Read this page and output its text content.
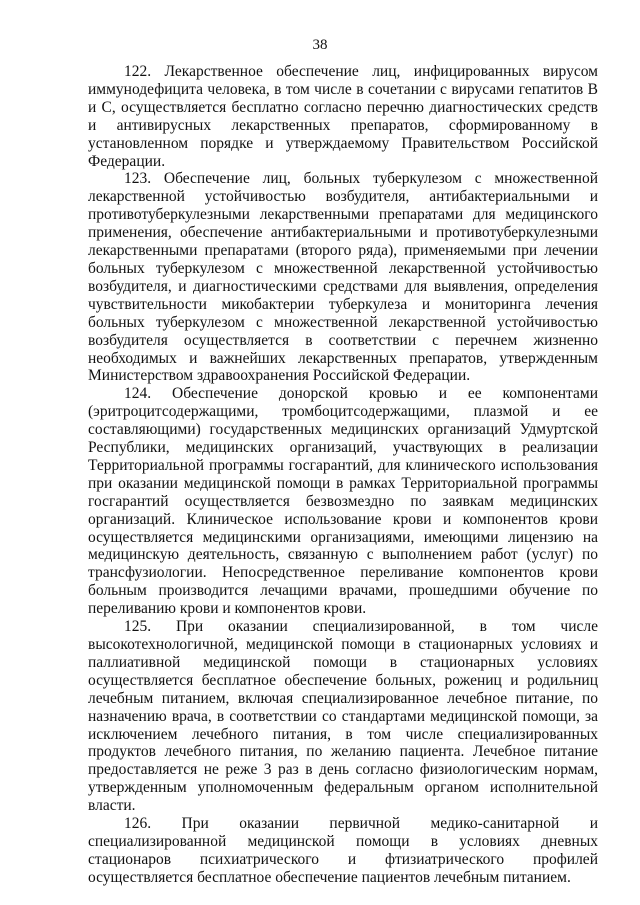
38

122. Лекарственное обеспечение лиц, инфицированных вирусом иммунодефицита человека, в том числе в сочетании с вирусами гепатитов В и С, осуществляется бесплатно согласно перечню диагностических средств и антивирусных лекарственных препаратов, сформированному в установленном порядке и утверждаемому Правительством Российской Федерации.

123. Обеспечение лиц, больных туберкулезом с множественной лекарственной устойчивостью возбудителя, антибактериальными и противотуберкулезными лекарственными препаратами для медицинского применения, обеспечение антибактериальными и противотуберкулезными лекарственными препаратами (второго ряда), применяемыми при лечении больных туберкулезом с множественной лекарственной устойчивостью возбудителя, и диагностическими средствами для выявления, определения чувствительности микобактерии туберкулеза и мониторинга лечения больных туберкулезом с множественной лекарственной устойчивостью возбудителя осуществляется в соответствии с перечнем жизненно необходимых и важнейших лекарственных препаратов, утвержденным Министерством здравоохранения Российской Федерации.

124. Обеспечение донорской кровью и ее компонентами (эритроцитсодержащими, тромбоцитсодержащими, плазмой и ее составляющими) государственных медицинских организаций Удмуртской Республики, медицинских организаций, участвующих в реализации Территориальной программы госгарантий, для клинического использования при оказании медицинской помощи в рамках Территориальной программы госгарантий осуществляется безвозмездно по заявкам медицинских организаций. Клиническое использование крови и компонентов крови осуществляется медицинскими организациями, имеющими лицензию на медицинскую деятельность, связанную с выполнением работ (услуг) по трансфузиологии. Непосредственное переливание компонентов крови больным производится лечащими врачами, прошедшими обучение по переливанию крови и компонентов крови.

125. При оказании специализированной, в том числе высокотехнологичной, медицинской помощи в стационарных условиях и паллиативной медицинской помощи в стационарных условиях осуществляется бесплатное обеспечение больных, рожениц и родильниц лечебным питанием, включая специализированное лечебное питание, по назначению врача, в соответствии со стандартами медицинской помощи, за исключением лечебного питания, в том числе специализированных продуктов лечебного питания, по желанию пациента. Лечебное питание предоставляется не реже 3 раз в день согласно физиологическим нормам, утвержденным уполномоченным федеральным органом исполнительной власти.

126. При оказании первичной медико-санитарной и специализированной медицинской помощи в условиях дневных стационаров психиатрического и фтизиатрического профилей осуществляется бесплатное обеспечение пациентов лечебным питанием.
